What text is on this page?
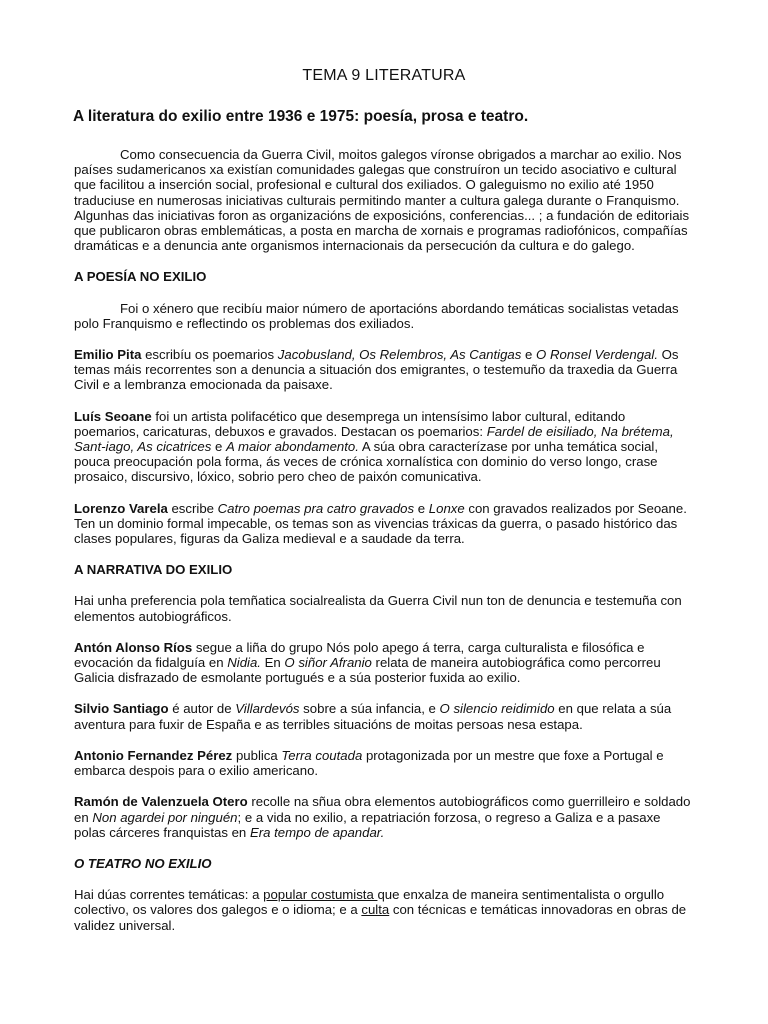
TEMA 9 LITERATURA
A literatura do exilio entre 1936 e 1975: poesía, prosa e teatro.

Como consecuencia da Guerra Civil, moitos galegos víronse obrigados a marchar ao exilio. Nos países sudamericanos xa existían comunidades galegas que construíron un tecido asociativo e cultural que facilitou a inserción social, profesional e cultural dos exiliados. O galeguismo no exilio até 1950 traduciuse en numerosas iniciativas culturais permitindo manter a cultura galega durante o Franquismo. Algunhas das iniciativas foron as organizacións de exposicións, conferencias... ; a fundación de editoriais que publicaron obras emblemáticas, a posta en marcha de xornais e programas radiofónicos, compañías dramáticas e a denuncia ante organismos internacionais da persecución da cultura e do galego.

A POESÍA NO EXILIO

Foi o xénero que recibíu maior número de aportacións abordando temáticas socialistas vetadas polo Franquismo e reflectindo os problemas dos exiliados.

Emilio Pita escribíu os poemarios Jacobusland, Os Relembros, As Cantigas e O Ronsel Verdengal. Os temas máis recorrentes son a denuncia a situación dos emigrantes, o testemuño da traxedia da Guerra Civil e a lembranza emocionada da paisaxe.

Luís Seoane foi un artista polifacético que desemprega un intensísimo labor cultural, editando poemarios, caricaturas, debuxos e gravados. Destacan os poemarios: Fardel de eisiliado, Na brétema, Sant-iago, As cicatrices e A maior abondamento. A súa obra caracterízase por unha temática social, pouca preocupación pola forma, ás veces de crónica xornalística con dominio do verso longo, crase prosaico, discursivo, lóxico, sobrio pero cheo de paixón comunicativa.

Lorenzo Varela escribe Catro poemas pra catro gravados e Lonxe con gravados realizados por Seoane. Ten un dominio formal impecable, os temas son as vivencias tráxicas da guerra, o pasado histórico das clases populares, figuras da Galiza medieval e a saudade da terra.

A NARRATIVA DO EXILIO

Hai unha preferencia pola temñatica socialrealista da Guerra Civil nun ton de denuncia e testemuña con elementos autobiográficos.

Antón Alonso Ríos segue a liña do grupo Nós polo apego á terra, carga culturalista e filosófica e evocación da fidalguía en Nidia. En O siñor Afranio relata de maneira autobiográfica como percorreu Galicia disfrazado de esmolante portugués e a súa posterior fuxida ao exilio.

Silvio Santiago é autor de Villardevós sobre a súa infancia, e O silencio reidimido en que relata a súa aventura para fuxir de España e as terribles situacións de moitas persoas nesa estapa.

Antonio Fernandez Pérez publica Terra coutada protagonizada por un mestre que foxe a Portugal e embarca despois para o exilio americano.

Ramón de Valenzuela Otero recolle na sñua obra elementos autobiográficos como guerrilleiro e soldado en Non agardei por ninguén; e a vida no exilio, a repatriación forzosa, o regreso a Galiza e a pasaxe polas cárceres franquistas en Era tempo de apandar.

O TEATRO NO EXILIO

Hai dúas correntes temáticas: a popular costumista que enxalza de maneira sentimentalista o orgullo colectivo, os valores dos galegos e o idioma; e a culta con técnicas e temáticas innovadoras en obras de validez universal.
